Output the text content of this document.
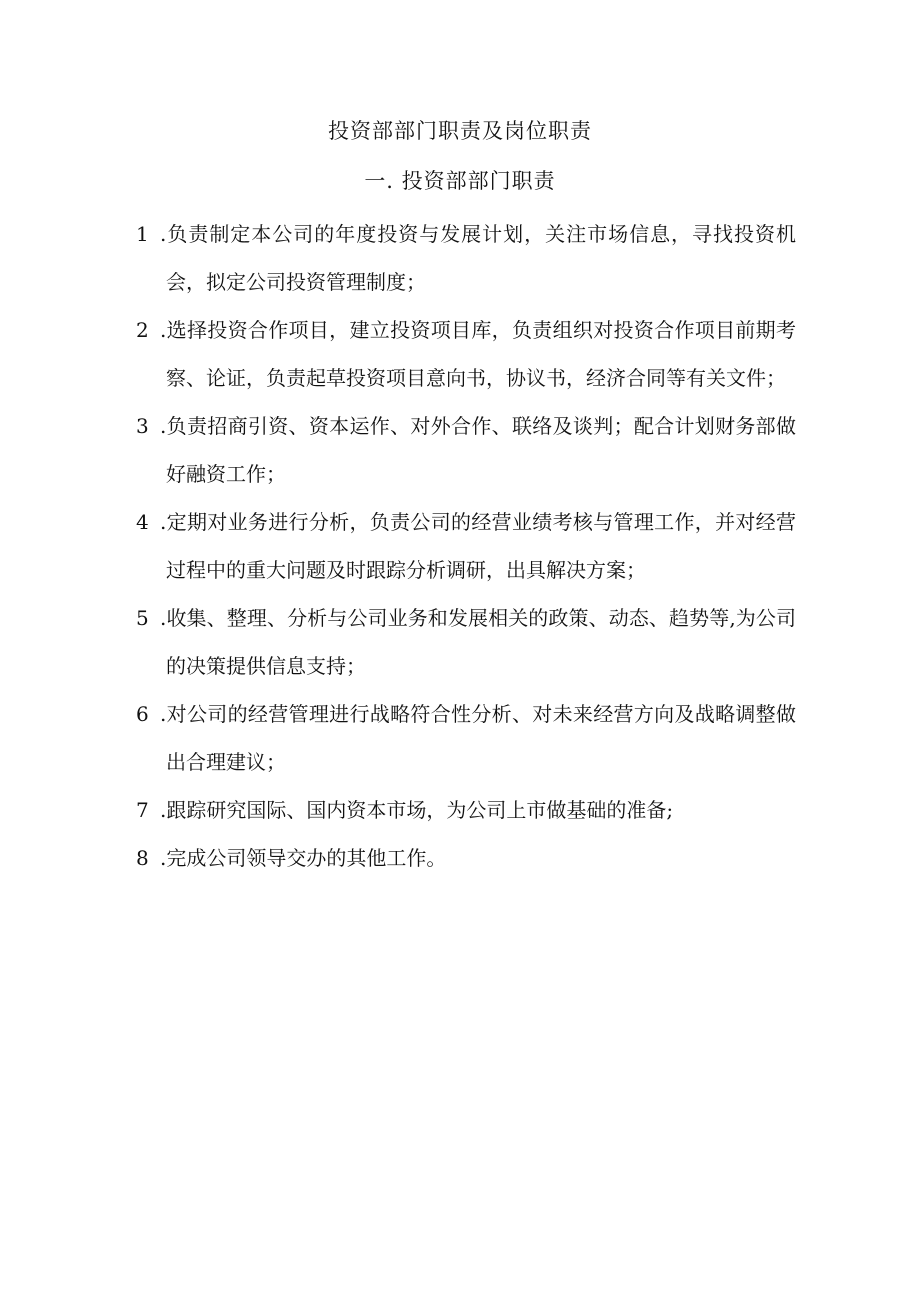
投资部部门职责及岗位职责
一. 投资部部门职责
1 .负责制定本公司的年度投资与发展计划，关注市场信息，寻找投资机会，拟定公司投资管理制度；
2 .选择投资合作项目，建立投资项目库，负责组织对投资合作项目前期考察、论证，负责起草投资项目意向书，协议书，经济合同等有关文件；
3 .负责招商引资、资本运作、对外合作、联络及谈判；配合计划财务部做好融资工作；
4 .定期对业务进行分析，负责公司的经营业绩考核与管理工作，并对经营过程中的重大问题及时跟踪分析调研，出具解决方案；
5 .收集、整理、分析与公司业务和发展相关的政策、动态、趋势等,为公司的决策提供信息支持；
6 .对公司的经营管理进行战略符合性分析、对未来经营方向及战略调整做出合理建议；
7 .跟踪研究国际、国内资本市场，为公司上市做基础的准备;
8 .完成公司领导交办的其他工作。
